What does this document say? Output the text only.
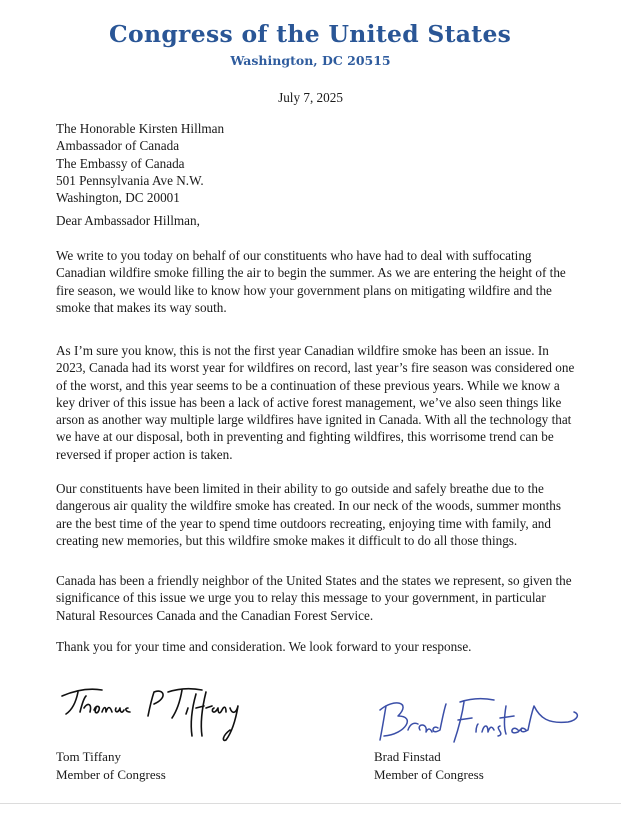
Congress of the United States
Washington, DC 20515
July 7, 2025
The Honorable Kirsten Hillman
Ambassador of Canada
The Embassy of Canada
501 Pennsylvania Ave N.W.
Washington, DC 20001
Dear Ambassador Hillman,

We write to you today on behalf of our constituents who have had to deal with suffocating Canadian wildfire smoke filling the air to begin the summer. As we are entering the height of the fire season, we would like to know how your government plans on mitigating wildfire and the smoke that makes its way south.

As I’m sure you know, this is not the first year Canadian wildfire smoke has been an issue. In 2023, Canada had its worst year for wildfires on record, last year’s fire season was considered one of the worst, and this year seems to be a continuation of these previous years. While we know a key driver of this issue has been a lack of active forest management, we’ve also seen things like arson as another way multiple large wildfires have ignited in Canada. With all the technology that we have at our disposal, both in preventing and fighting wildfires, this worrisome trend can be reversed if proper action is taken.

Our constituents have been limited in their ability to go outside and safely breathe due to the dangerous air quality the wildfire smoke has created. In our neck of the woods, summer months are the best time of the year to spend time outdoors recreating, enjoying time with family, and creating new memories, but this wildfire smoke makes it difficult to do all those things.

Canada has been a friendly neighbor of the United States and the states we represent, so given the significance of this issue we urge you to relay this message to your government, in particular Natural Resources Canada and the Canadian Forest Service.

Thank you for your time and consideration. We look forward to your response.

Tom Tiffany
Member of Congress
Brad Finstad
Member of Congress
